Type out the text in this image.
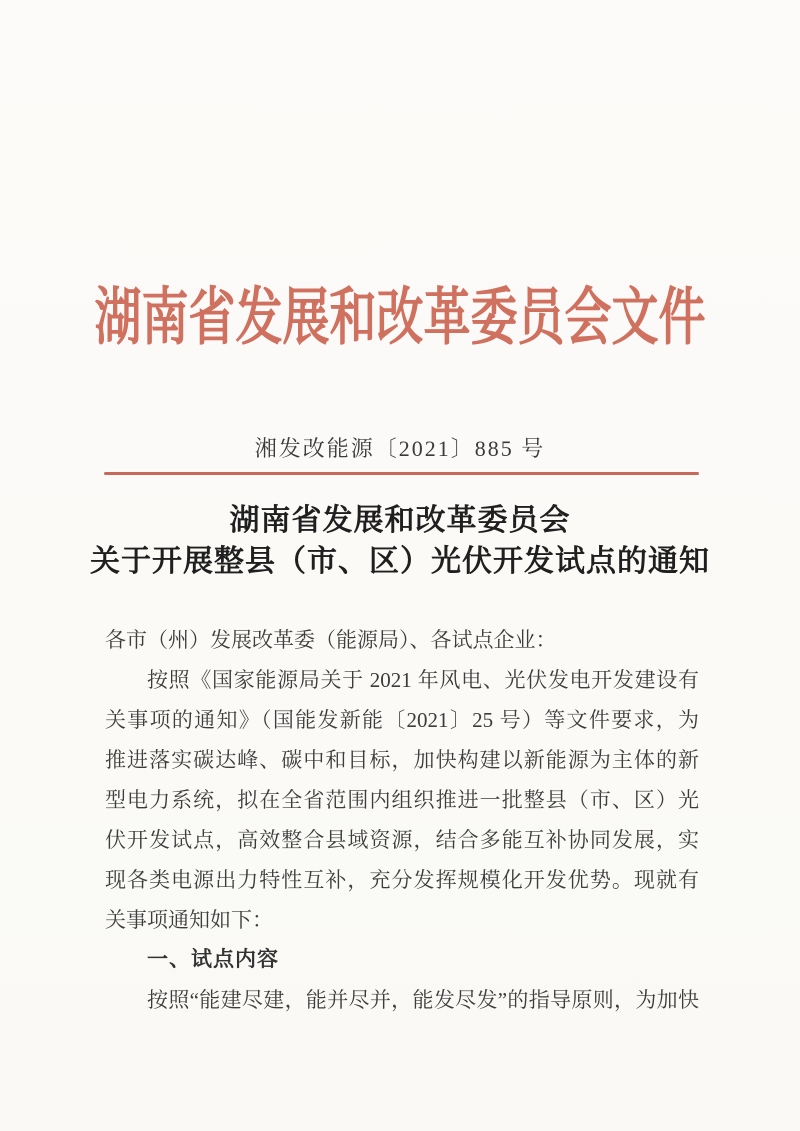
湖南省发展和改革委员会文件
湘发改能源〔2021〕885 号
湖南省发展和改革委员会
关于开展整县（市、区）光伏开发试点的通知
各市（州）发展改革委（能源局）、各试点企业：
按照《国家能源局关于 2021 年风电、光伏发电开发建设有
关事项的通知》（国能发新能〔2021〕25 号）等文件要求，为
推进落实碳达峰、碳中和目标，加快构建以新能源为主体的新
型电力系统，拟在全省范围内组织推进一批整县（市、区）光
伏开发试点，高效整合县域资源，结合多能互补协同发展，实
现各类电源出力特性互补，充分发挥规模化开发优势。现就有
关事项通知如下：
一、试点内容
按照“能建尽建，能并尽并，能发尽发”的指导原则，为加快
